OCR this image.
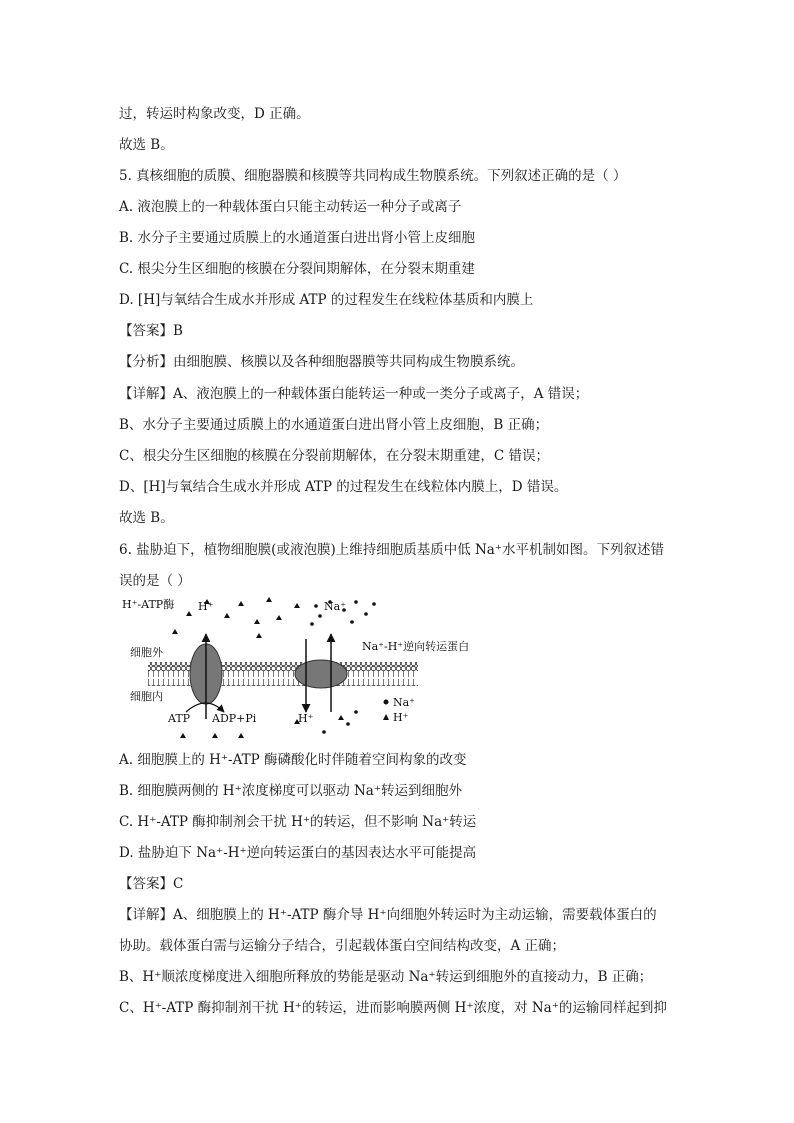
过，转运时构象改变，D 正确。
故选 B。
5. 真核细胞的质膜、细胞器膜和核膜等共同构成生物膜系统。下列叙述正确的是（ ）
A. 液泡膜上的一种载体蛋白只能主动转运一种分子或离子
B. 水分子主要通过质膜上的水通道蛋白进出肾小管上皮细胞
C. 根尖分生区细胞的核膜在分裂间期解体，在分裂末期重建
D. [H]与氧结合生成水并形成 ATP 的过程发生在线粒体基质和内膜上
【答案】B
【分析】由细胞膜、核膜以及各种细胞器膜等共同构成生物膜系统。
【详解】A、液泡膜上的一种载体蛋白能转运一种或一类分子或离子，A 错误；
B、水分子主要通过质膜上的水通道蛋白进出肾小管上皮细胞，B 正确；
C、根尖分生区细胞的核膜在分裂前期解体，在分裂末期重建，C 错误；
D、[H]与氧结合生成水并形成 ATP 的过程发生在线粒体内膜上，D 错误。
故选 B。
6. 盐胁迫下，植物细胞膜(或液泡膜)上维持细胞质基质中低 Na⁺水平机制如图。下列叙述错
误的是（ ）
H⁺-ATP酶 H⁺	Na⁺
Na⁺-H⁺逆向转运蛋白
细胞外
细胞内
ATP ADP+Pi	H⁺
Na⁺
H⁺
A. 细胞膜上的 H⁺-ATP 酶磷酸化时伴随着空间构象的改变
B. 细胞膜两侧的 H⁺浓度梯度可以驱动 Na⁺转运到细胞外
C. H⁺-ATP 酶抑制剂会干扰 H⁺的转运，但不影响 Na⁺转运
D. 盐胁迫下 Na⁺-H⁺逆向转运蛋白的基因表达水平可能提高
【答案】C
【详解】A、细胞膜上的 H⁺-ATP 酶介导 H⁺向细胞外转运时为主动运输，需要载体蛋白的
协助。载体蛋白需与运输分子结合，引起载体蛋白空间结构改变，A 正确；
B、H⁺顺浓度梯度进入细胞所释放的势能是驱动 Na⁺转运到细胞外的直接动力，B 正确；
C、H⁺-ATP 酶抑制剂干扰 H⁺的转运，进而影响膜两侧 H⁺浓度，对 Na⁺的运输同样起到抑
